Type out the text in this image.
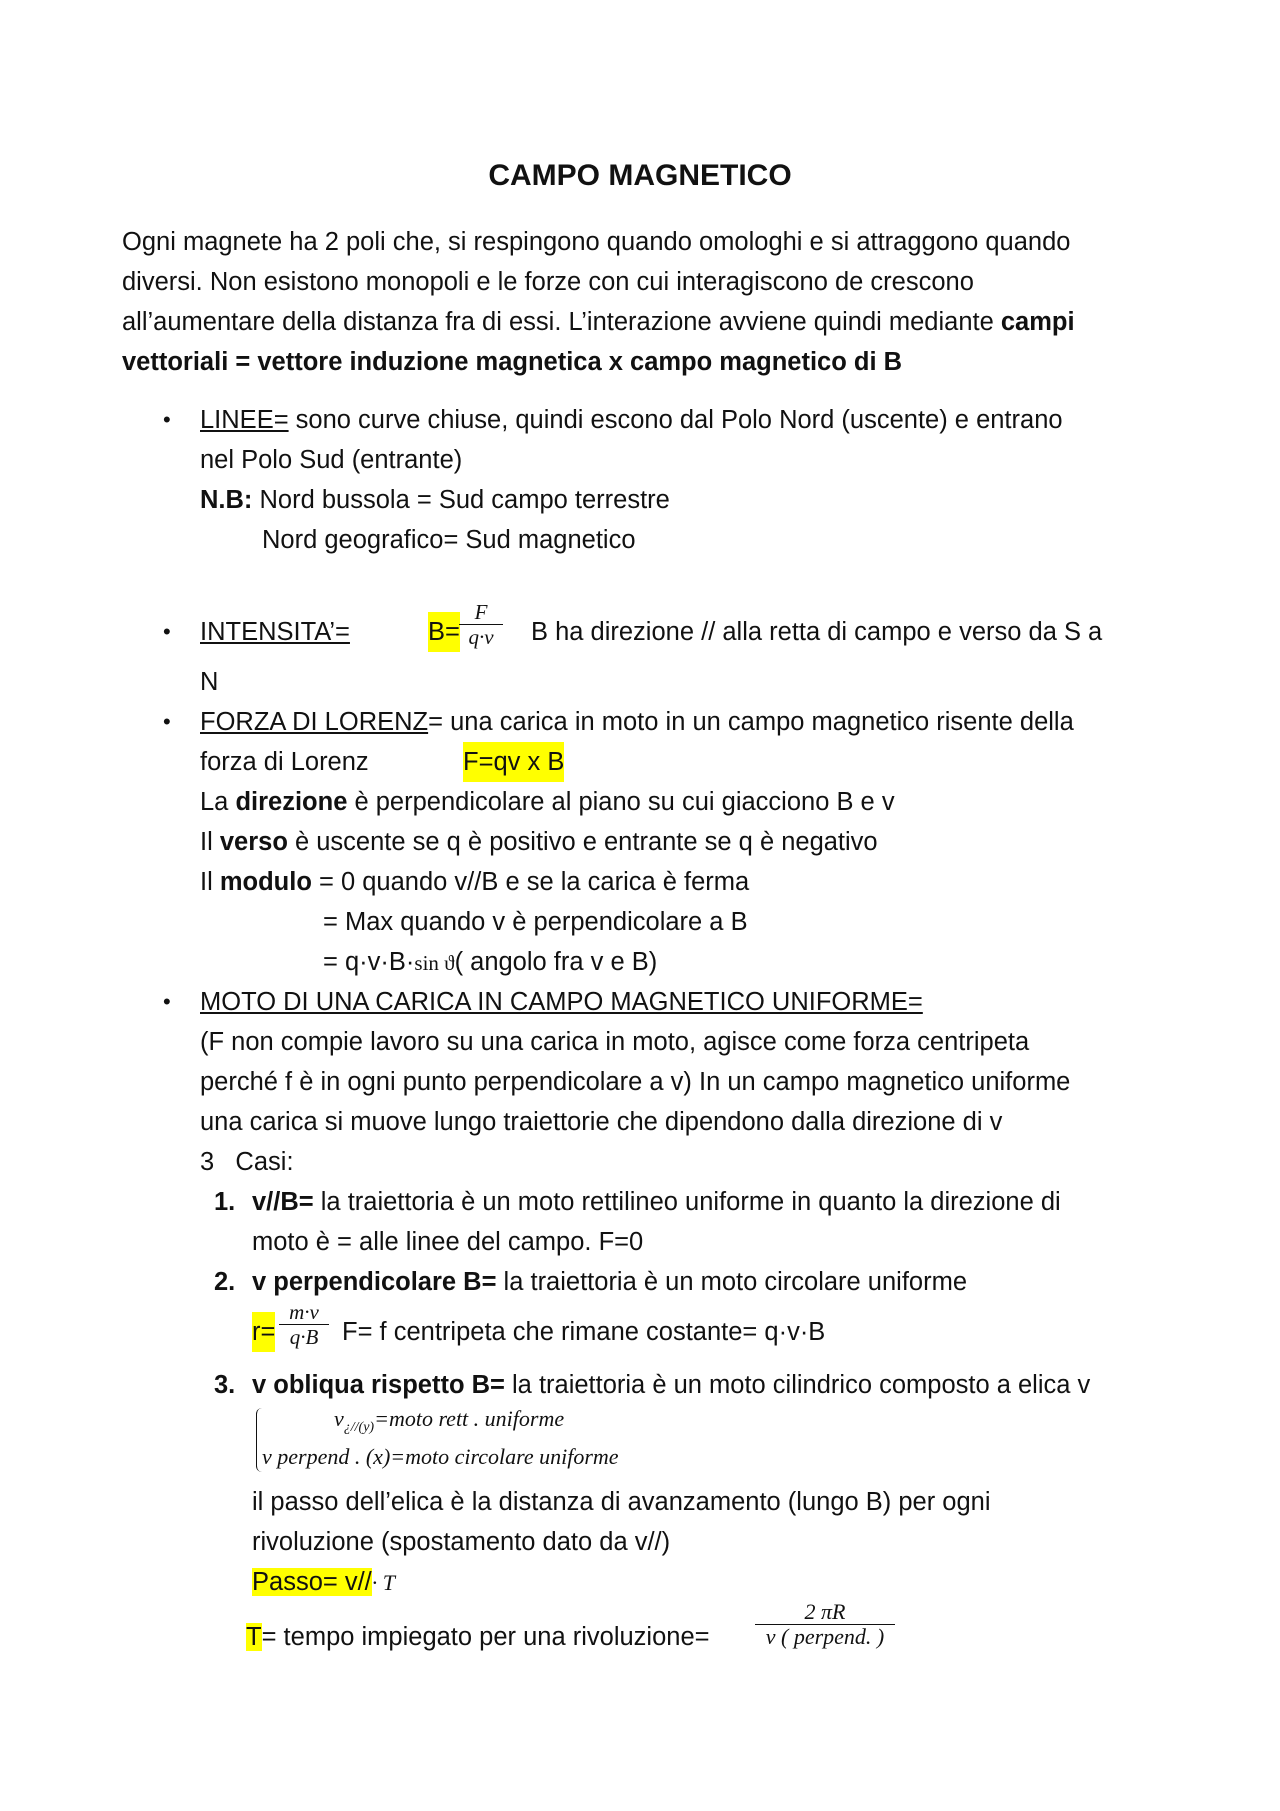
CAMPO MAGNETICO
Ogni magnete ha 2 poli che, si respingono quando omologhi e si attraggono quando
diversi. Non esistono monopoli e le forze con cui interagiscono de crescono
all’aumentare della distanza fra di essi. L’interazione avviene quindi mediante campi
vettoriali = vettore induzione magnetica x campo magnetico di B
• LINEE= sono curve chiuse, quindi escono dal Polo Nord (uscente) e entrano
nel Polo Sud (entrante)
N.B: Nord bussola = Sud campo terrestre
Nord geografico= Sud magnetico
• INTENSITA’=	B=
F
q·v	B ha direzione // alla retta di campo e verso da S a
N
• FORZA DI LORENZ= una carica in moto in un campo magnetico risente della
forza di Lorenz	F=qv x B
La direzione è perpendicolare al piano su cui giacciono B e v
Il verso è uscente se q è positivo e entrante se q è negativo
Il modulo = 0 quando v//B e se la carica è ferma
= Max quando v è perpendicolare a B
= q·v·B·sin ϑ( angolo fra v e B)
• MOTO DI UNA CARICA IN CAMPO MAGNETICO UNIFORME=
(F non compie lavoro su una carica in moto, agisce come forza centripeta
perché f è in ogni punto perpendicolare a v) In un campo magnetico uniforme
una carica si muove lungo traiettorie che dipendono dalla direzione di v
3   Casi:
1. v//B= la traiettoria è un moto rettilineo uniforme in quanto la direzione di
moto è = alle linee del campo. F=0
2. v perpendicolare B= la traiettoria è un moto circolare uniforme
r=
m·v
q·B F= f centripeta che rimane costante= q·v·B
3. v obliqua rispetto B= la traiettoria è un moto cilindrico composto a elica v
$v_{¿//(y)}=moto$ rett . uniforme
v perpend . (x)=moto circolare uniforme
il passo dell’elica è la distanza di avanzamento (lungo B) per ogni
rivoluzione (spostamento dato da v//)
Passo= v//· T
T= tempo impiegato per una rivoluzione=
2 πR
v ( perpend. )
